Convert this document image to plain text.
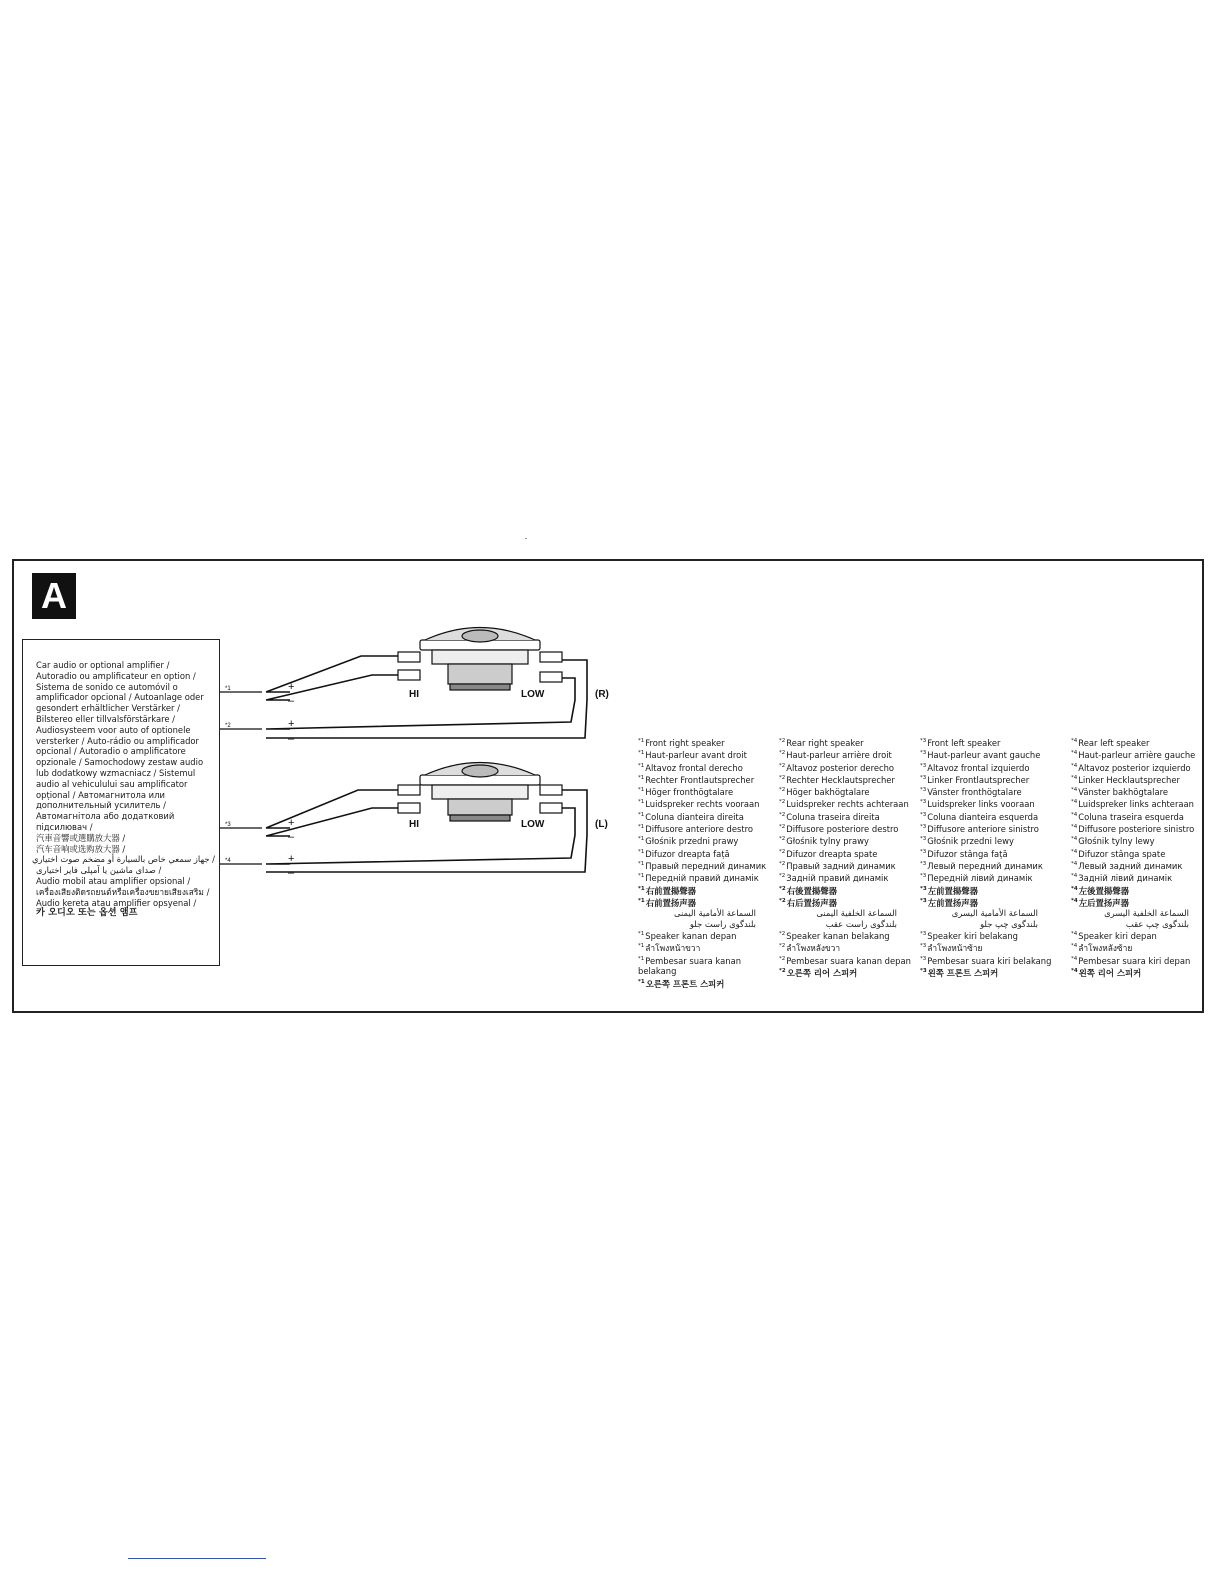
A
Car audio or optional amplifier /
Autoradio ou amplificateur en option /
Sistema de sonido ce automóvil o
amplificador opcional / Autoanlage oder
gesondert erhältlicher Verstärker /
Bilstereo eller tillvalsförstärkare /
Audiosysteem voor auto of optionele
versterker / Auto-rádio ou amplificador
opcional / Autoradio o amplificatore
opzionale / Samochodowy zestaw audio
lub dodatkowy wzmacniacz / Sistemul
audio al vehiculului sau amplificator
opțional / Автомагнитола или
дополнительный усилитель /
Автомагнітола або додатковий
підсилювач /
汽車音響或選購放大器 /
汽车音响或选购放大器 /
/ جهاز سمعي خاص بالسيارة أو مضخم صوت اختياري
/ صدای ماشین یا آمپلی فایر اختیاری
Audio mobil atau amplifier opsional /
เครื่องเสียงติดรถยนต์หรือเครื่องขยายเสียงเสริม /
Audio kereta atau amplifier opsyenal /
카 오디오 또는 옵션 앰프
*1
*2
*3
*4
+
–
+
–
+
–
+
–
HI	LOW	(R)
HI	LOW	(L)
$^{*1}$Front right speaker
$^{*1}$Haut-parleur avant droit
$^{*1}$Altavoz frontal derecho
$^{*1}$Rechter Frontlautsprecher
$^{*1}$Höger fronthögtalare
$^{*1}$Luidspreker rechts vooraan
$^{*1}$Coluna dianteira direita
$^{*1}$Diffusore anteriore destro
$^{*1}$Głośnik przedni prawy
$^{*1}$Difuzor dreapta față
$^{*1}$Правый передний динамик
$^{*1}$Передній правий динамік
$^{*1}$右前置揚聲器
$^{*1}$右前置扬声器
السماعة الأمامية اليمنى
بلندگوی راست جلو
$^{*1}$Speaker kanan depan
$^{*1}$ลำโพงหน้าขวา
$^{*1}$Pembesar suara kanan belakang
$^{*1}$오른쪽 프론트 스피커
$^{*2}$Rear right speaker
$^{*2}$Haut-parleur arrière droit
$^{*2}$Altavoz posterior derecho
$^{*2}$Rechter Hecklautsprecher
$^{*2}$Höger bakhögtalare
$^{*2}$Luidspreker rechts achteraan
$^{*2}$Coluna traseira direita
$^{*2}$Diffusore posteriore destro
$^{*2}$Głośnik tylny prawy
$^{*2}$Difuzor dreapta spate
$^{*2}$Правый задний динамик
$^{*2}$Задній правий динамік
$^{*2}$右後置揚聲器
$^{*2}$右后置扬声器
السماعة الخلفية اليمنى
بلندگوی راست عقب
$^{*2}$Speaker kanan belakang
$^{*2}$ลำโพงหลังขวา
$^{*2}$Pembesar suara kanan depan
$^{*2}$오른쪽 리어 스피커
$^{*3}$Front left speaker
$^{*3}$Haut-parleur avant gauche
$^{*3}$Altavoz frontal izquierdo
$^{*3}$Linker Frontlautsprecher
$^{*3}$Vänster fronthögtalare
$^{*3}$Luidspreker links vooraan
$^{*3}$Coluna dianteira esquerda
$^{*3}$Diffusore anteriore sinistro
$^{*3}$Głośnik przedni lewy
$^{*3}$Difuzor stânga față
$^{*3}$Левый передний динамик
$^{*3}$Передній лівий динамік
$^{*3}$左前置揚聲器
$^{*3}$左前置扬声器
السماعة الأمامية اليسرى
بلندگوی چپ جلو
$^{*3}$Speaker kiri belakang
$^{*3}$ลำโพงหน้าซ้าย
$^{*3}$Pembesar suara kiri belakang
$^{*3}$왼쪽 프론트 스피커
$^{*4}$Rear left speaker
$^{*4}$Haut-parleur arrière gauche
$^{*4}$Altavoz posterior izquierdo
$^{*4}$Linker Hecklautsprecher
$^{*4}$Vänster bakhögtalare
$^{*4}$Luidspreker links achteraan
$^{*4}$Coluna traseira esquerda
$^{*4}$Diffusore posteriore sinistro
$^{*4}$Głośnik tylny lewy
$^{*4}$Difuzor stânga spate
$^{*4}$Левый задний динамик
$^{*4}$Задній лівий динамік
$^{*4}$左後置揚聲器
$^{*4}$左后置扬声器
السماعة الخلفية اليسرى
بلندگوی چپ عقب
$^{*4}$Speaker kiri depan
$^{*4}$ลำโพงหลังซ้าย
$^{*4}$Pembesar suara kiri depan
$^{*4}$왼쪽 리어 스피커
